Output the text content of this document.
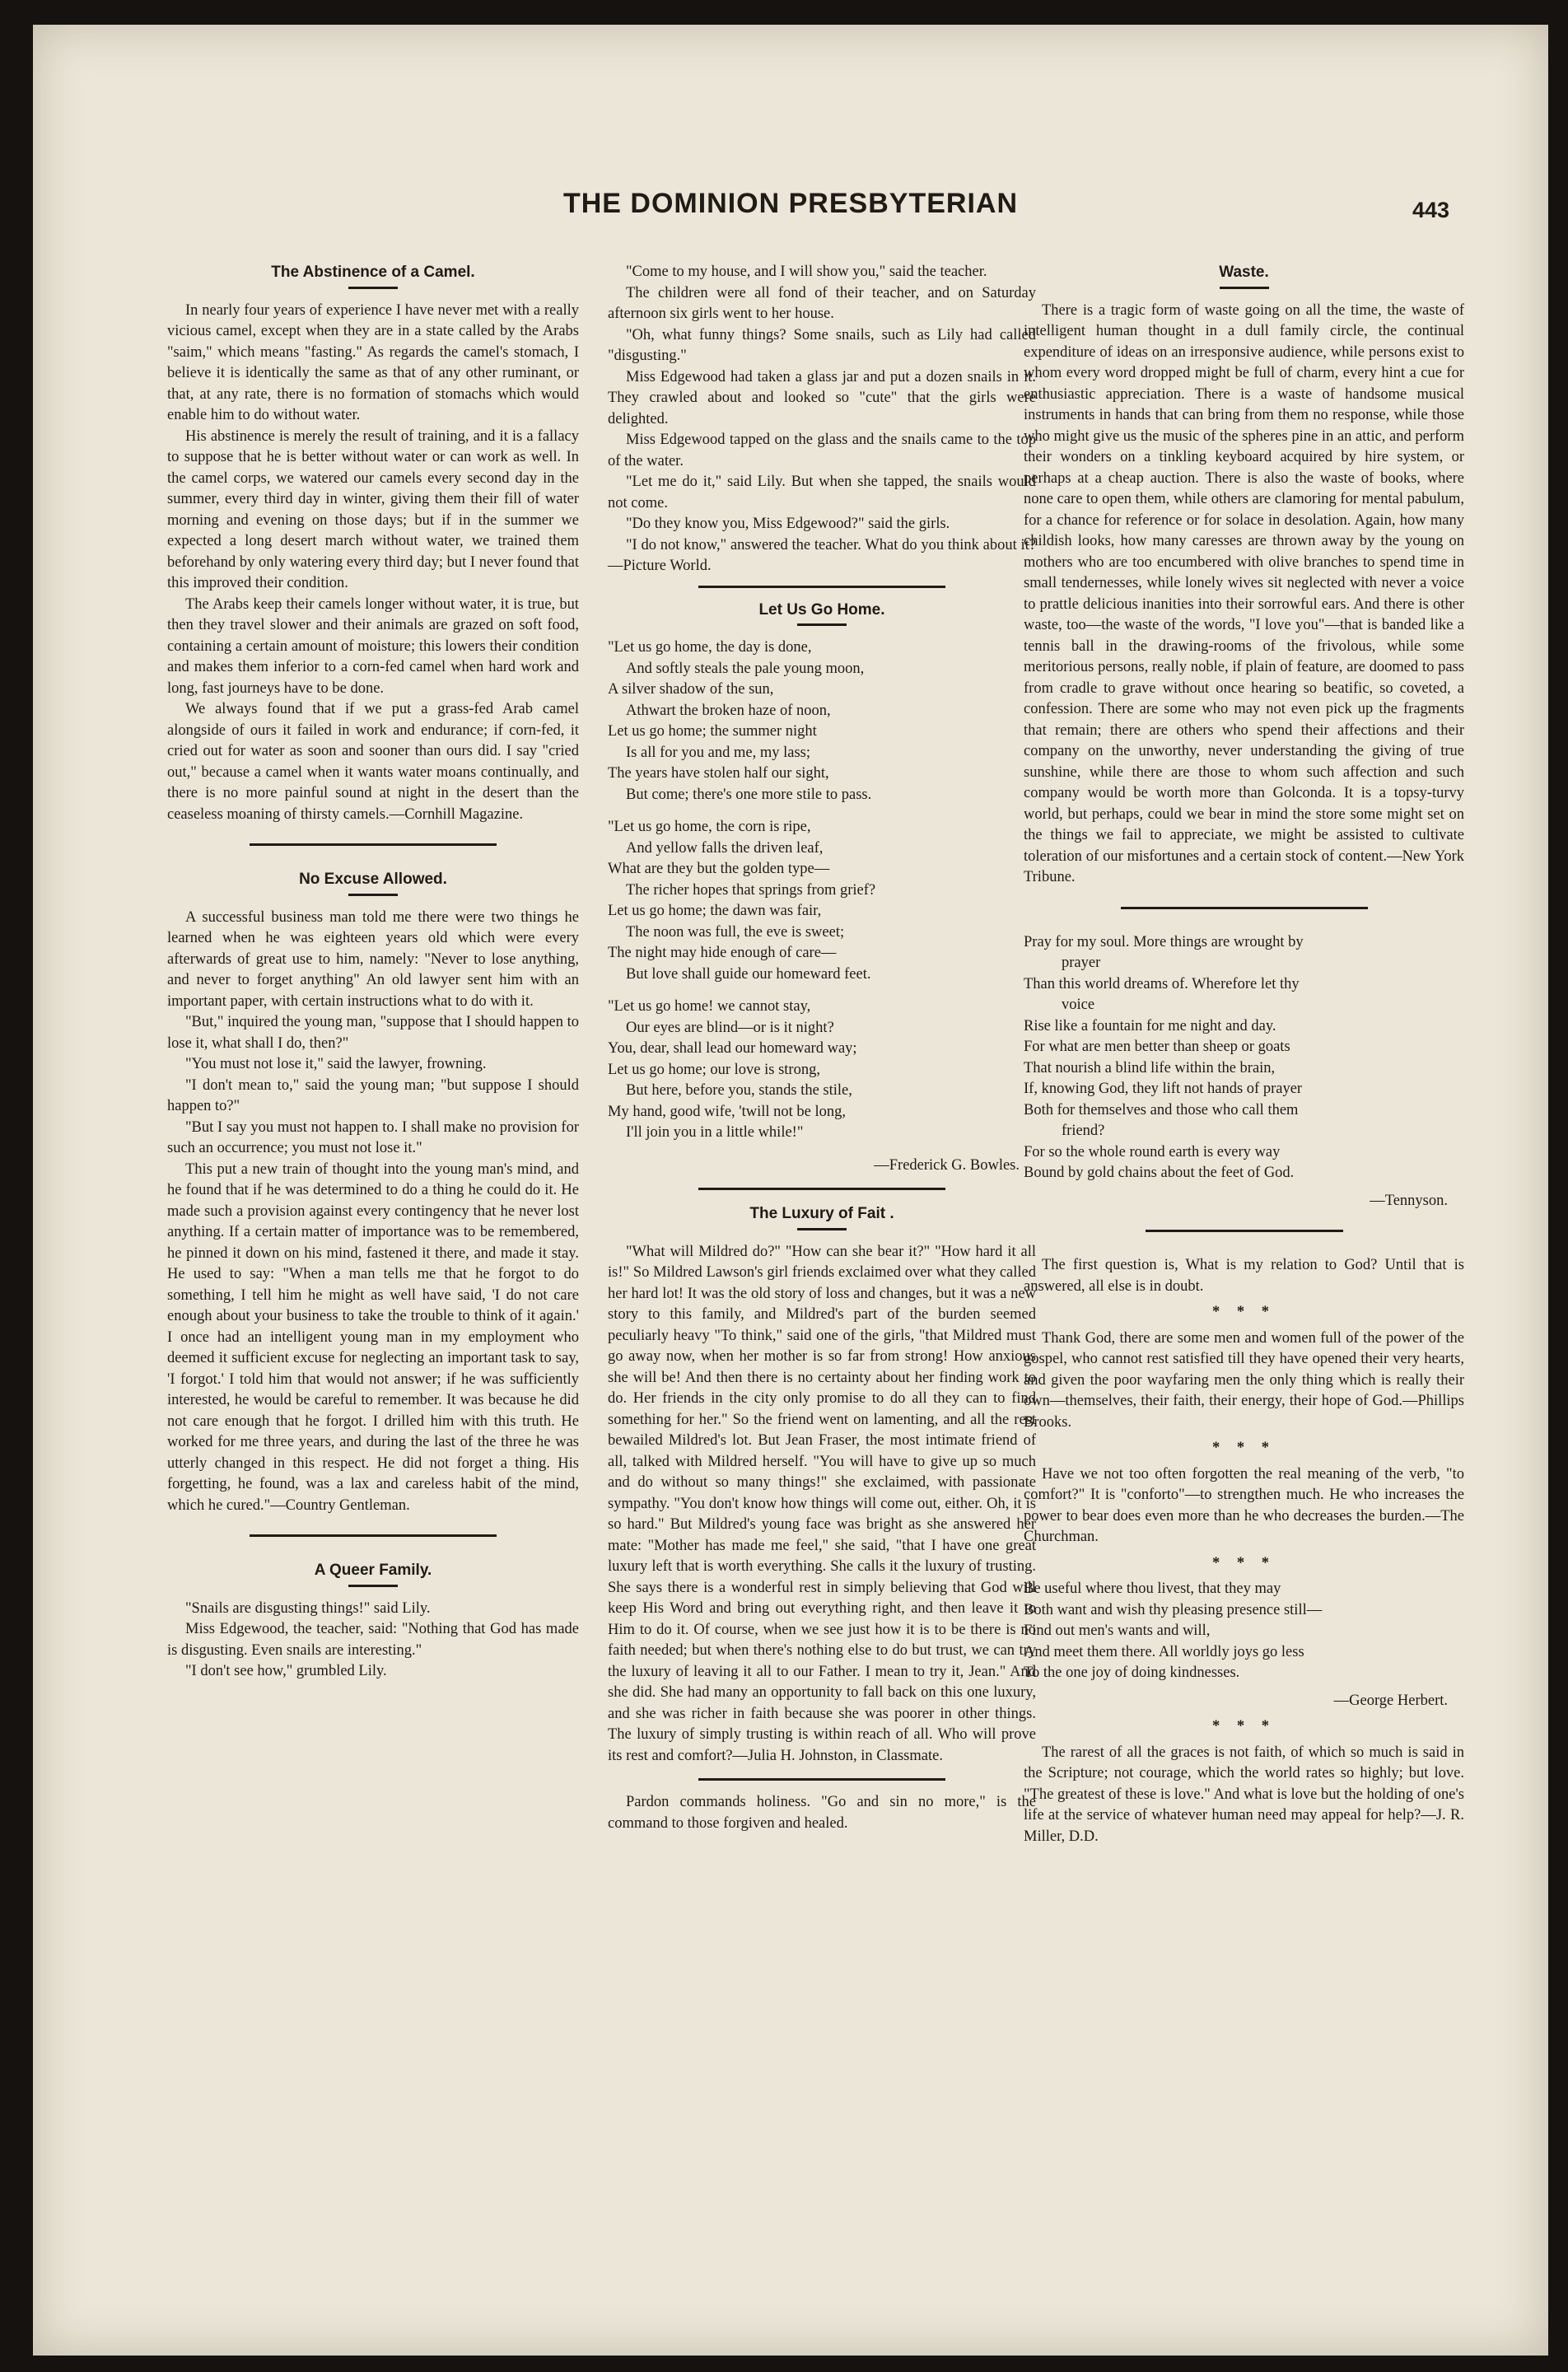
THE DOMINION PRESBYTERIAN	443
The Abstinence of a Camel.

In nearly four years of experience I have never met with a really vicious camel, except when they are in a state called by the Arabs "saim," which means "fasting." As regards the camel's stomach, I believe it is identically the same as that of any other ruminant, or that, at any rate, there is no formation of stomachs which would enable him to do without water.

His abstinence is merely the result of training, and it is a fallacy to suppose that he is better without water or can work as well. In the camel corps, we watered our camels every second day in the summer, every third day in winter, giving them their fill of water morning and evening on those days; but if in the summer we expected a long desert march without water, we trained them beforehand by only watering every third day; but I never found that this improved their condition.

The Arabs keep their camels longer without water, it is true, but then they travel slower and their animals are grazed on soft food, containing a certain amount of moisture; this lowers their condition and makes them inferior to a corn-fed camel when hard work and long, fast journeys have to be done.

We always found that if we put a grass-fed Arab camel alongside of ours it failed in work and endurance; if corn-fed, it cried out for water as soon and sooner than ours did. I say "cried out," because a camel when it wants water moans continually, and there is no more painful sound at night in the desert than the ceaseless moaning of thirsty camels.—Cornhill Magazine.

No Excuse Allowed.

A successful business man told me there were two things he learned when he was eighteen years old which were every afterwards of great use to him, namely: "Never to lose anything, and never to forget anything" An old lawyer sent him with an important paper, with certain instructions what to do with it.

"But," inquired the young man, "suppose that I should happen to lose it, what shall I do, then?"

"You must not lose it," said the lawyer, frowning.

"I don't mean to," said the young man; "but suppose I should happen to?"

"But I say you must not happen to. I shall make no provision for such an occurrence; you must not lose it."

This put a new train of thought into the young man's mind, and he found that if he was determined to do a thing he could do it. He made such a provision against every contingency that he never lost anything. If a certain matter of importance was to be remembered, he pinned it down on his mind, fastened it there, and made it stay. He used to say: "When a man tells me that he forgot to do something, I tell him he might as well have said, 'I do not care enough about your business to take the trouble to think of it again.' I once had an intelligent young man in my employment who deemed it sufficient excuse for neglecting an important task to say, 'I forgot.' I told him that would not answer; if he was sufficiently interested, he would be careful to remember. It was because he did not care enough that he forgot. I drilled him with this truth. He worked for me three years, and during the last of the three he was utterly changed in this respect. He did not forget a thing. His forgetting, he found, was a lax and careless habit of the mind, which he cured."—Country Gentleman.

A Queer Family.

"Snails are disgusting things!" said Lily.

Miss Edgewood, the teacher, said: "Nothing that God has made is disgusting. Even snails are interesting."

"I don't see how," grumbled Lily.

"Come to my house, and I will show you," said the teacher.

The children were all fond of their teacher, and on Saturday afternoon six girls went to her house.

"Oh, what funny things? Some snails, such as Lily had called "disgusting."

Miss Edgewood had taken a glass jar and put a dozen snails in it. They crawled about and looked so "cute" that the girls were delighted.

Miss Edgewood tapped on the glass and the snails came to the top of the water.

"Let me do it," said Lily. But when she tapped, the snails would not come.

"Do they know you, Miss Edgewood?" said the girls.

"I do not know," answered the teacher. What do you think about it?—Picture World.

Let Us Go Home.
"Let us go home, the day is done,
And softly steals the pale young moon,
A silver shadow of the sun,
Athwart the broken haze of noon,
Let us go home; the summer night
Is all for you and me, my lass;
The years have stolen half our sight,
But come; there's one more stile to pass.
"Let us go home, the corn is ripe,
And yellow falls the driven leaf,
What are they but the golden type—
The richer hopes that springs from grief?
Let us go home; the dawn was fair,
The noon was full, the eve is sweet;
The night may hide enough of care—
But love shall guide our homeward feet.
"Let us go home! we cannot stay,
Our eyes are blind—or is it night?
You, dear, shall lead our homeward way;
Let us go home; our love is strong,
But here, before you, stands the stile,
My hand, good wife, 'twill not be long,
I'll join you in a little while!"
—Frederick G. Bowles.
The Luxury of Fait .

"What will Mildred do?" "How can she bear it?" "How hard it all is!" So Mildred Lawson's girl friends exclaimed over what they called her hard lot! It was the old story of loss and changes, but it was a new story to this family, and Mildred's part of the burden seemed peculiarly heavy "To think," said one of the girls, "that Mildred must go away now, when her mother is so far from strong! How anxious she will be! And then there is no certainty about her finding work to do. Her friends in the city only promise to do all they can to find something for her." So the friend went on lamenting, and all the rest bewailed Mildred's lot. But Jean Fraser, the most intimate friend of all, talked with Mildred herself. "You will have to give up so much and do without so many things!" she exclaimed, with passionate sympathy. "You don't know how things will come out, either. Oh, it is so hard." But Mildred's young face was bright as she answered her mate: "Mother has made me feel," she said, "that I have one great luxury left that is worth everything. She calls it the luxury of trusting. She says there is a wonderful rest in simply believing that God will keep His Word and bring out everything right, and then leave it to Him to do it. Of course, when we see just how it is to be there is no faith needed; but when there's nothing else to do but trust, we can try the luxury of leaving it all to our Father. I mean to try it, Jean." And she did. She had many an opportunity to fall back on this one luxury, and she was richer in faith because she was poorer in other things. The luxury of simply trusting is within reach of all. Who will prove its rest and comfort?—Julia H. Johnston, in Classmate.

Pardon commands holiness. "Go and sin no more," is the command to those forgiven and healed.

Waste.

There is a tragic form of waste going on all the time, the waste of intelligent human thought in a dull family circle, the continual expenditure of ideas on an irresponsive audience, while persons exist to whom every word dropped might be full of charm, every hint a cue for enthusiastic appreciation. There is a waste of handsome musical instruments in hands that can bring from them no response, while those who might give us the music of the spheres pine in an attic, and perform their wonders on a tinkling keyboard acquired by hire system, or perhaps at a cheap auction. There is also the waste of books, where none care to open them, while others are clamoring for mental pabulum, for a chance for reference or for solace in desolation. Again, how many childish looks, how many caresses are thrown away by the young on mothers who are too encumbered with olive branches to spend time in small tendernesses, while lonely wives sit neglected with never a voice to prattle delicious inanities into their sorrowful ears. And there is other waste, too—the waste of the words, "I love you"—that is banded like a tennis ball in the drawing-rooms of the frivolous, while some meritorious persons, really noble, if plain of feature, are doomed to pass from cradle to grave without once hearing so beatific, so coveted, a confession. There are some who may not even pick up the fragments that remain; there are others who spend their affections and their company on the unworthy, never understanding the giving of true sunshine, while there are those to whom such affection and such company would be worth more than Golconda. It is a topsy-turvy world, but perhaps, could we bear in mind the store some might set on the things we fail to appreciate, we might be assisted to cultivate toleration of our misfortunes and a certain stock of content.—New York Tribune.

Pray for my soul. More things are wrought by
prayer
Than this world dreams of. Wherefore let thy
voice
Rise like a fountain for me night and day.
For what are men better than sheep or goats
That nourish a blind life within the brain,
If, knowing God, they lift not hands of prayer
Both for themselves and those who call them
friend?
For so the whole round earth is every way
Bound by gold chains about the feet of God.
—Tennyson.

The first question is, What is my relation to God? Until that is answered, all else is in doubt.

* * *

Thank God, there are some men and women full of the power of the gospel, who cannot rest satisfied till they have opened their very hearts, and given the poor wayfaring men the only thing which is really their own—themselves, their faith, their energy, their hope of God.—Phillips Brooks.

* * *

Have we not too often forgotten the real meaning of the verb, "to comfort?" It is "conforto"—to strengthen much. He who increases the power to bear does even more than he who decreases the burden.—The Churchman.

* * *
Be useful where thou livest, that they may
Both want and wish thy pleasing presence still—
Find out men's wants and will,
And meet them there. All worldly joys go less
To the one joy of doing kindnesses.
—George Herbert.
* * *

The rarest of all the graces is not faith, of which so much is said in the Scripture; not courage, which the world rates so highly; but love. "The greatest of these is love." And what is love but the holding of one's life at the service of whatever human need may appeal for help?—J. R. Miller, D.D.
